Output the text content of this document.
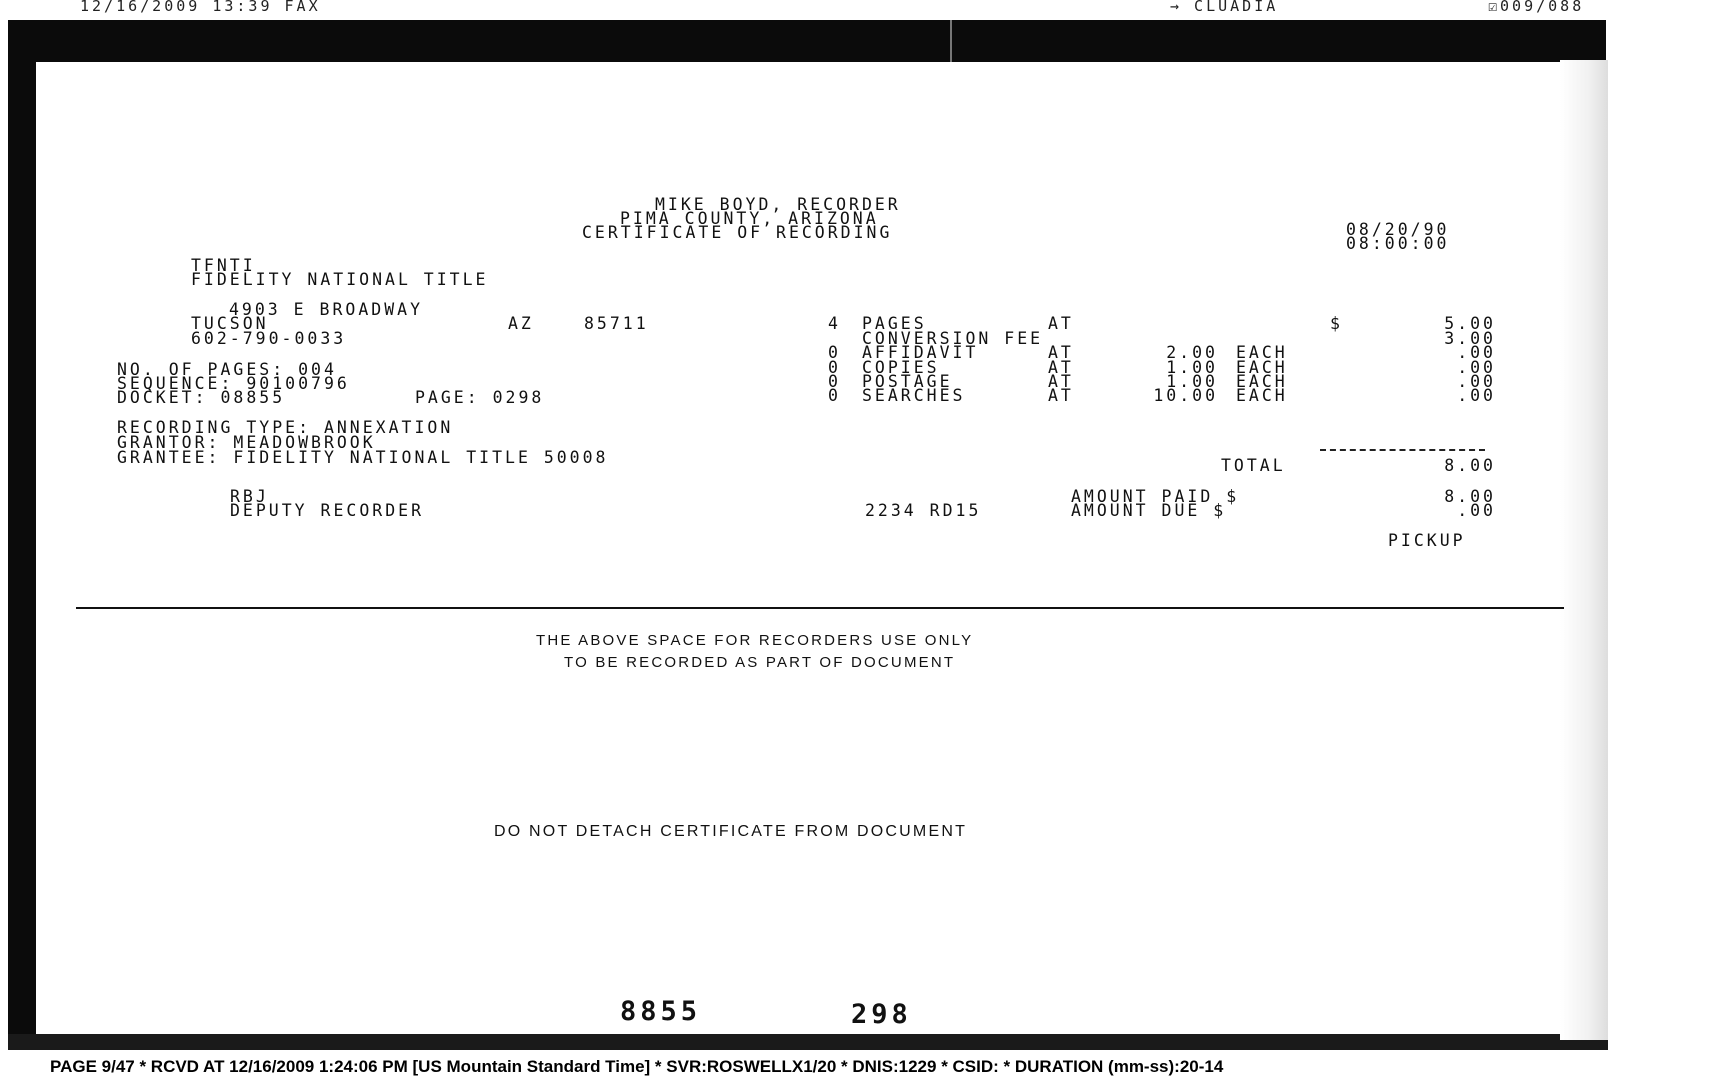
12/16/2009 13:39 FAX	→ CLUADIA	☑009/088
MIKE BOYD, RECORDER
PIMA COUNTY, ARIZONA
CERTIFICATE OF RECORDING	08/20/90
08:00:00
TFNTI
FIDELITY NATIONAL TITLE
4903 E BROADWAY
TUCSON	AZ	85711
602-790-0033
NO. OF PAGES: 004
SEQUENCE: 90100796
DOCKET: 08855	PAGE: 0298
RECORDING TYPE: ANNEXATION
GRANTOR: MEADOWBROOK
GRANTEE: FIDELITY NATIONAL TITLE 50008
4 PAGES	AT	$	5.00
CONVERSION FEE	3.00
0 AFFIDAVIT	AT	2.00 EACH	.00
0 COPIES	AT	1.00 EACH	.00
0 POSTAGE	AT	1.00 EACH	.00
0 SEARCHES	AT	10.00 EACH	.00
TOTAL	8.00
AMOUNT PAID $	8.00
2234 RD15	AMOUNT DUE $	.00
PICKUP
RBJ
DEPUTY RECORDER
THE ABOVE SPACE FOR RECORDERS USE ONLY
TO BE RECORDED AS PART OF DOCUMENT
DO NOT DETACH CERTIFICATE FROM DOCUMENT
8855	298
PAGE 9/47 * RCVD AT 12/16/2009 1:24:06 PM [US Mountain Standard Time] * SVR:ROSWELLX1/20 * DNIS:1229 * CSID: * DURATION (mm-ss):20-14
